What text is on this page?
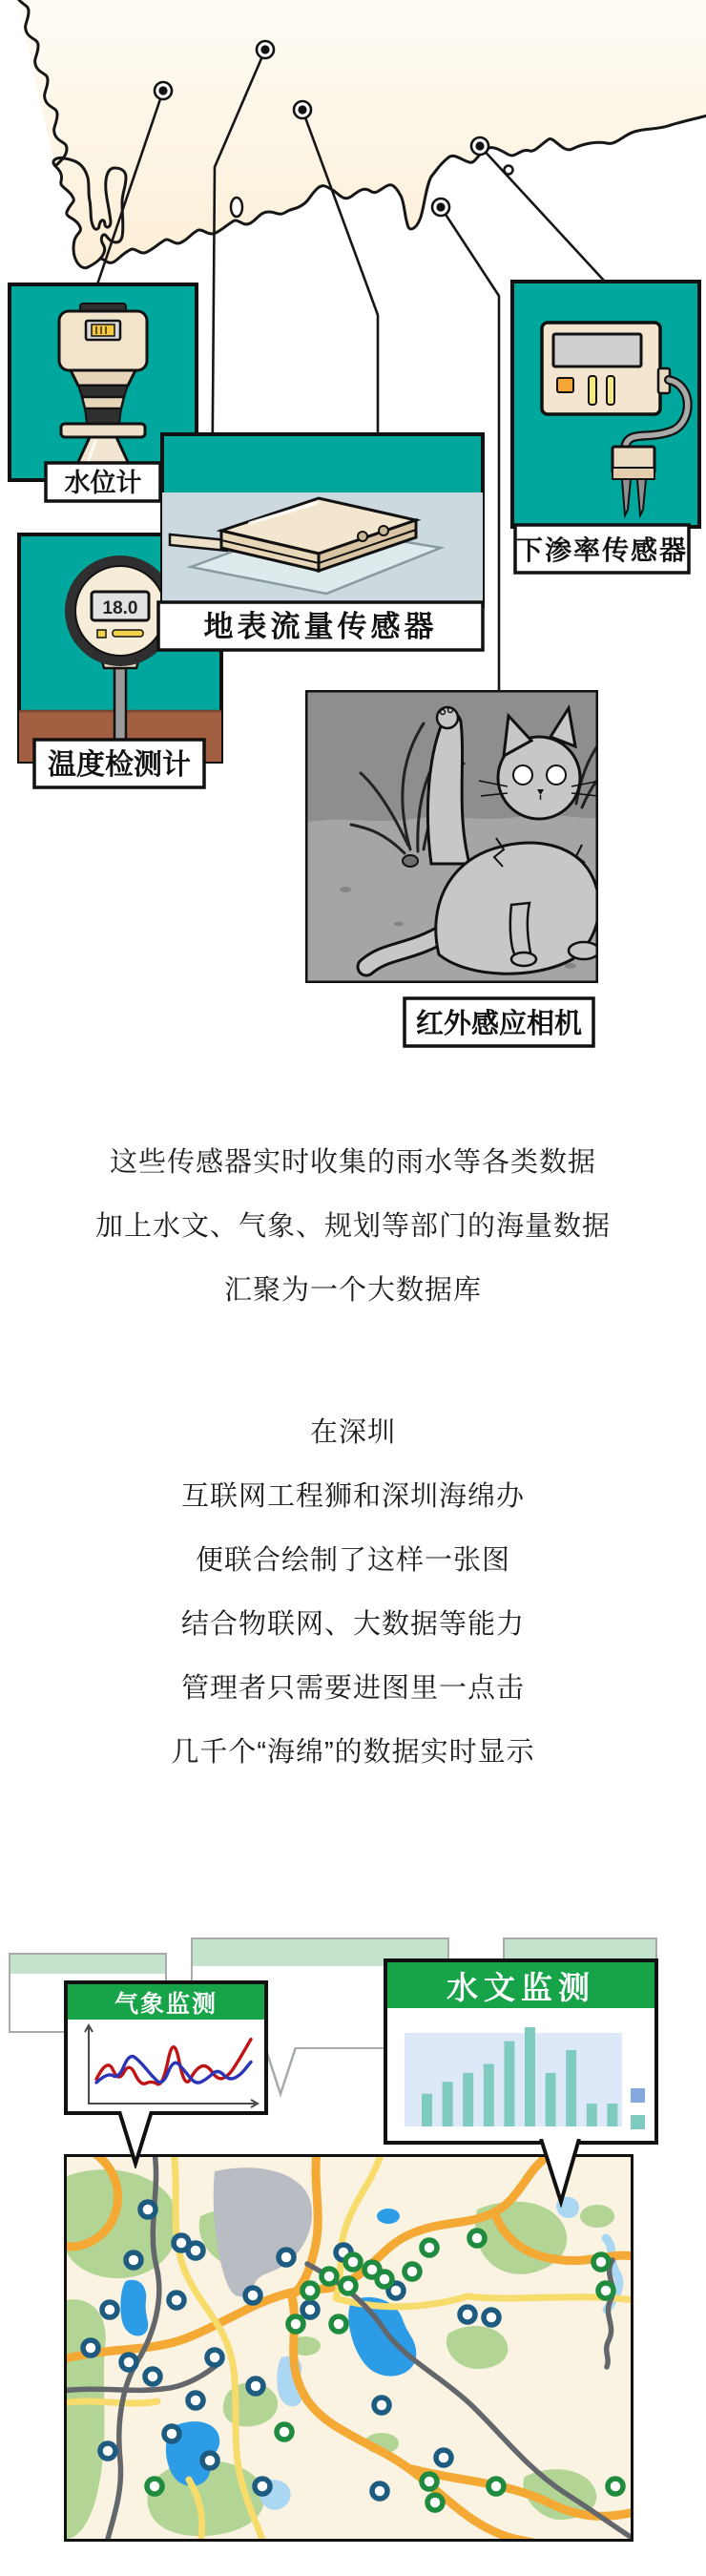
水位计
18.0
温度检测计
地表流量传感器
下渗率传感器
红外感应相机
这些传感器实时收集的雨水等各类数据
加上水文、气象、规划等部门的海量数据
汇聚为一个大数据库
在深圳
互联网工程狮和深圳海绵办
便联合绘制了这样一张图
结合物联网、大数据等能力
管理者只需要进图里一点击
几千个“海绵”的数据实时显示
气象监测	水文监测
